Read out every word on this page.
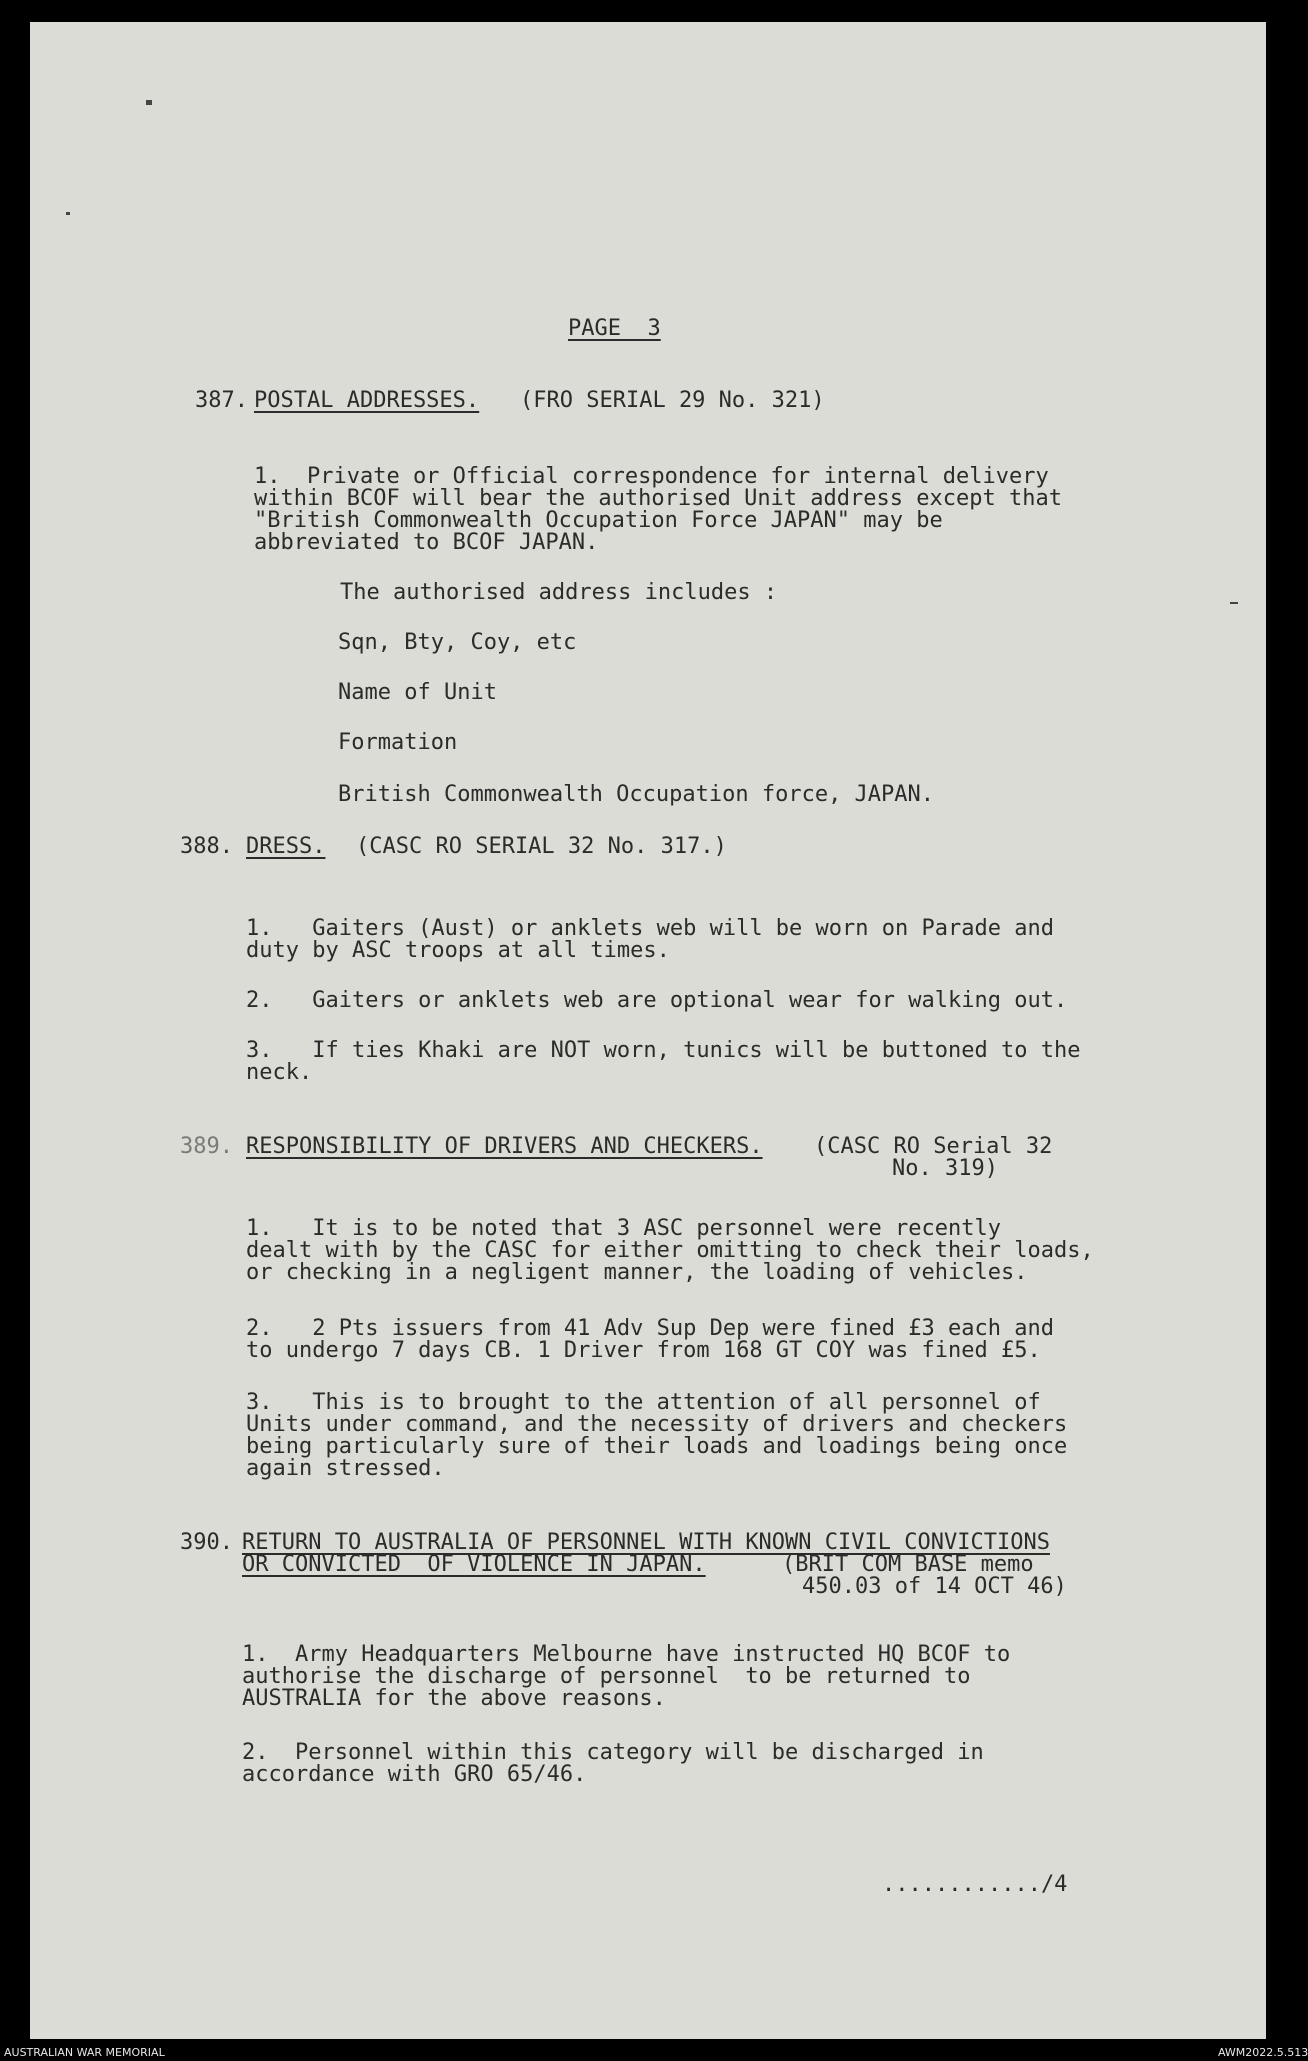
PAGE  3

387. POSTAL ADDRESSES. (FRO SERIAL 29 No. 321)

1.  Private or Official correspondence for internal delivery

within BCOF will bear the authorised Unit address except that

"British Commonwealth Occupation Force JAPAN" may be

abbreviated to BCOF JAPAN.

The authorised address includes :

Sqn, Bty, Coy, etc

Name of Unit

Formation

British Commonwealth Occupation force, JAPAN.

388. DRESS. (CASC RO SERIAL 32 No. 317.)

1.   Gaiters (Aust) or anklets web will be worn on Parade and

duty by ASC troops at all times.

2.   Gaiters or anklets web are optional wear for walking out.

3.   If ties Khaki are NOT worn, tunics will be buttoned to the

neck.

389. RESPONSIBILITY OF DRIVERS AND CHECKERS. (CASC RO Serial 32

No. 319)

1.   It is to be noted that 3 ASC personnel were recently

dealt with by the CASC for either omitting to check their loads,

or checking in a negligent manner, the loading of vehicles.

2.   2 Pts issuers from 41 Adv Sup Dep were fined £3 each and

to undergo 7 days CB. 1 Driver from 168 GT COY was fined £5.

3.   This is to brought to the attention of all personnel of

Units under command, and the necessity of drivers and checkers

being particularly sure of their loads and loadings being once

again stressed.

390. RETURN TO AUSTRALIA OF PERSONNEL WITH KNOWN CIVIL CONVICTIONS

OR CONVICTED  OF VIOLENCE IN JAPAN.	(BRIT COM BASE memo

450.03 of 14 OCT 46)

1.  Army Headquarters Melbourne have instructed HQ BCOF to

authorise the discharge of personnel  to be returned to

AUSTRALIA for the above reasons.

2.  Personnel within this category will be discharged in

accordance with GRO 65/46.

............/4

AUSTRALIAN WAR MEMORIAL	AWM2022.5.513
